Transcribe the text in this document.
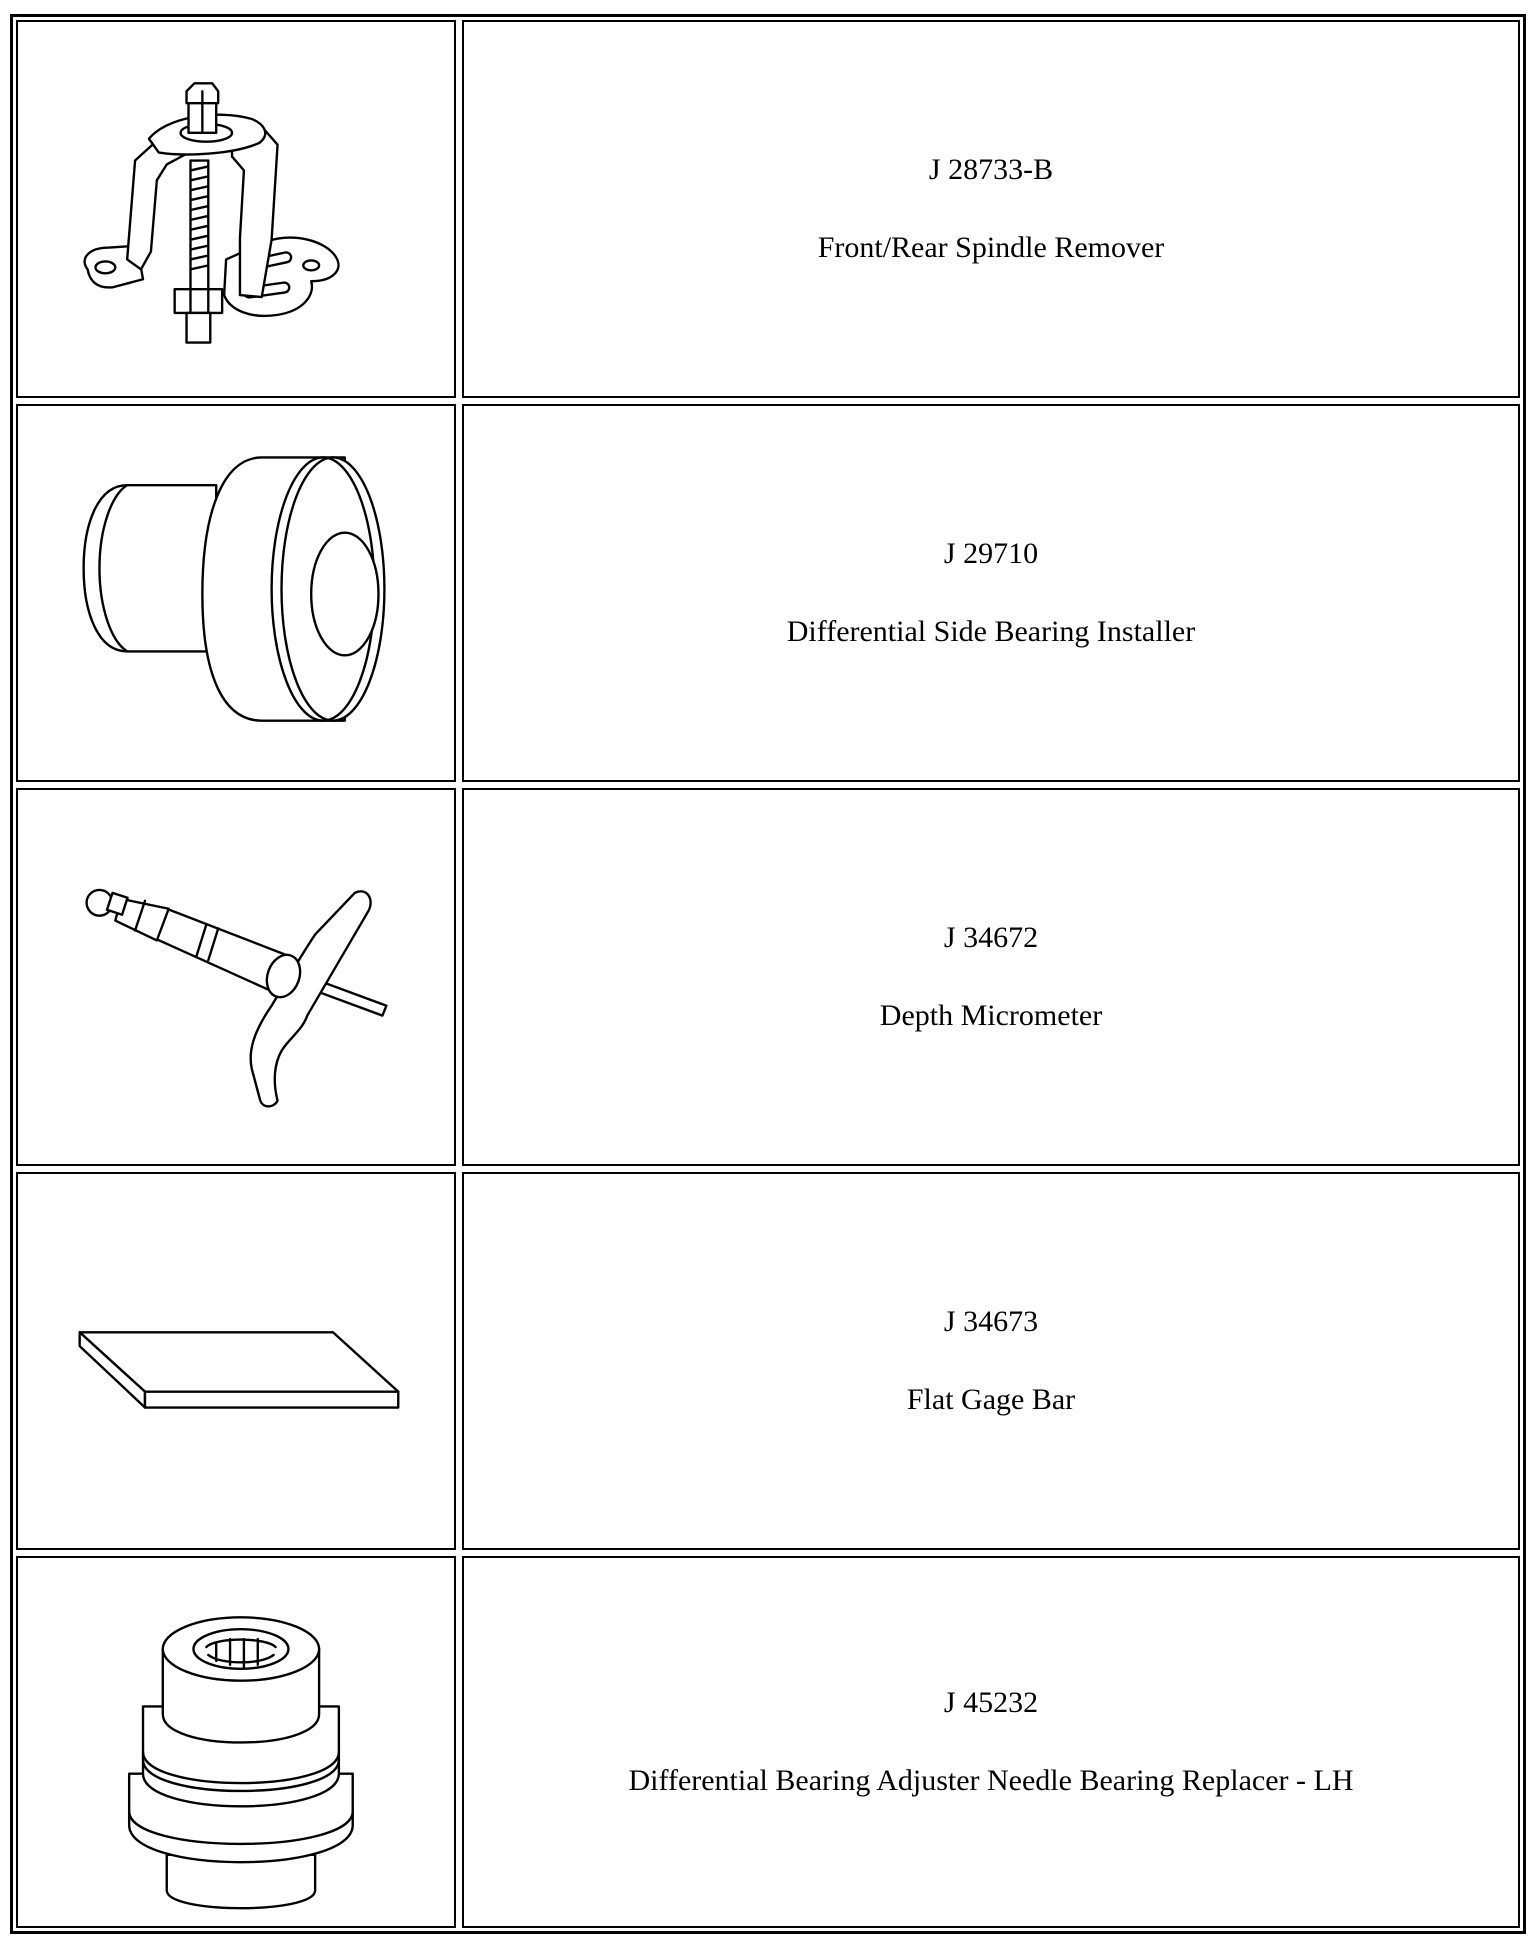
J 28733-B
Front/Rear Spindle Remover
J 29710
Differential Side Bearing Installer
J 34672
Depth Micrometer
J 34673
Flat Gage Bar
J 45232
Differential Bearing Adjuster Needle Bearing Replacer - LH
